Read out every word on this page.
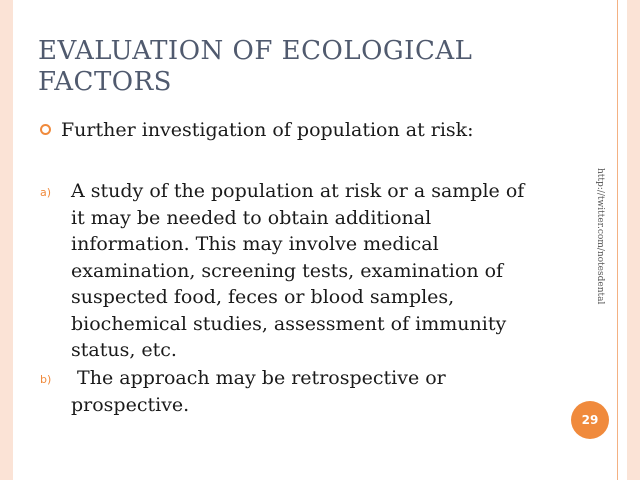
EVALUATION OF ECOLOGICAL FACTORS
Further investigation of population at risk:
a) A study of the population at risk or a sample of it may be needed to obtain additional information. This may involve medical examination, screening tests, examination of suspected food, feces or blood samples, biochemical studies, assessment of immunity status, etc.
b) The approach may be retrospective or prospective.
http://twitter.com/notesdental
29
